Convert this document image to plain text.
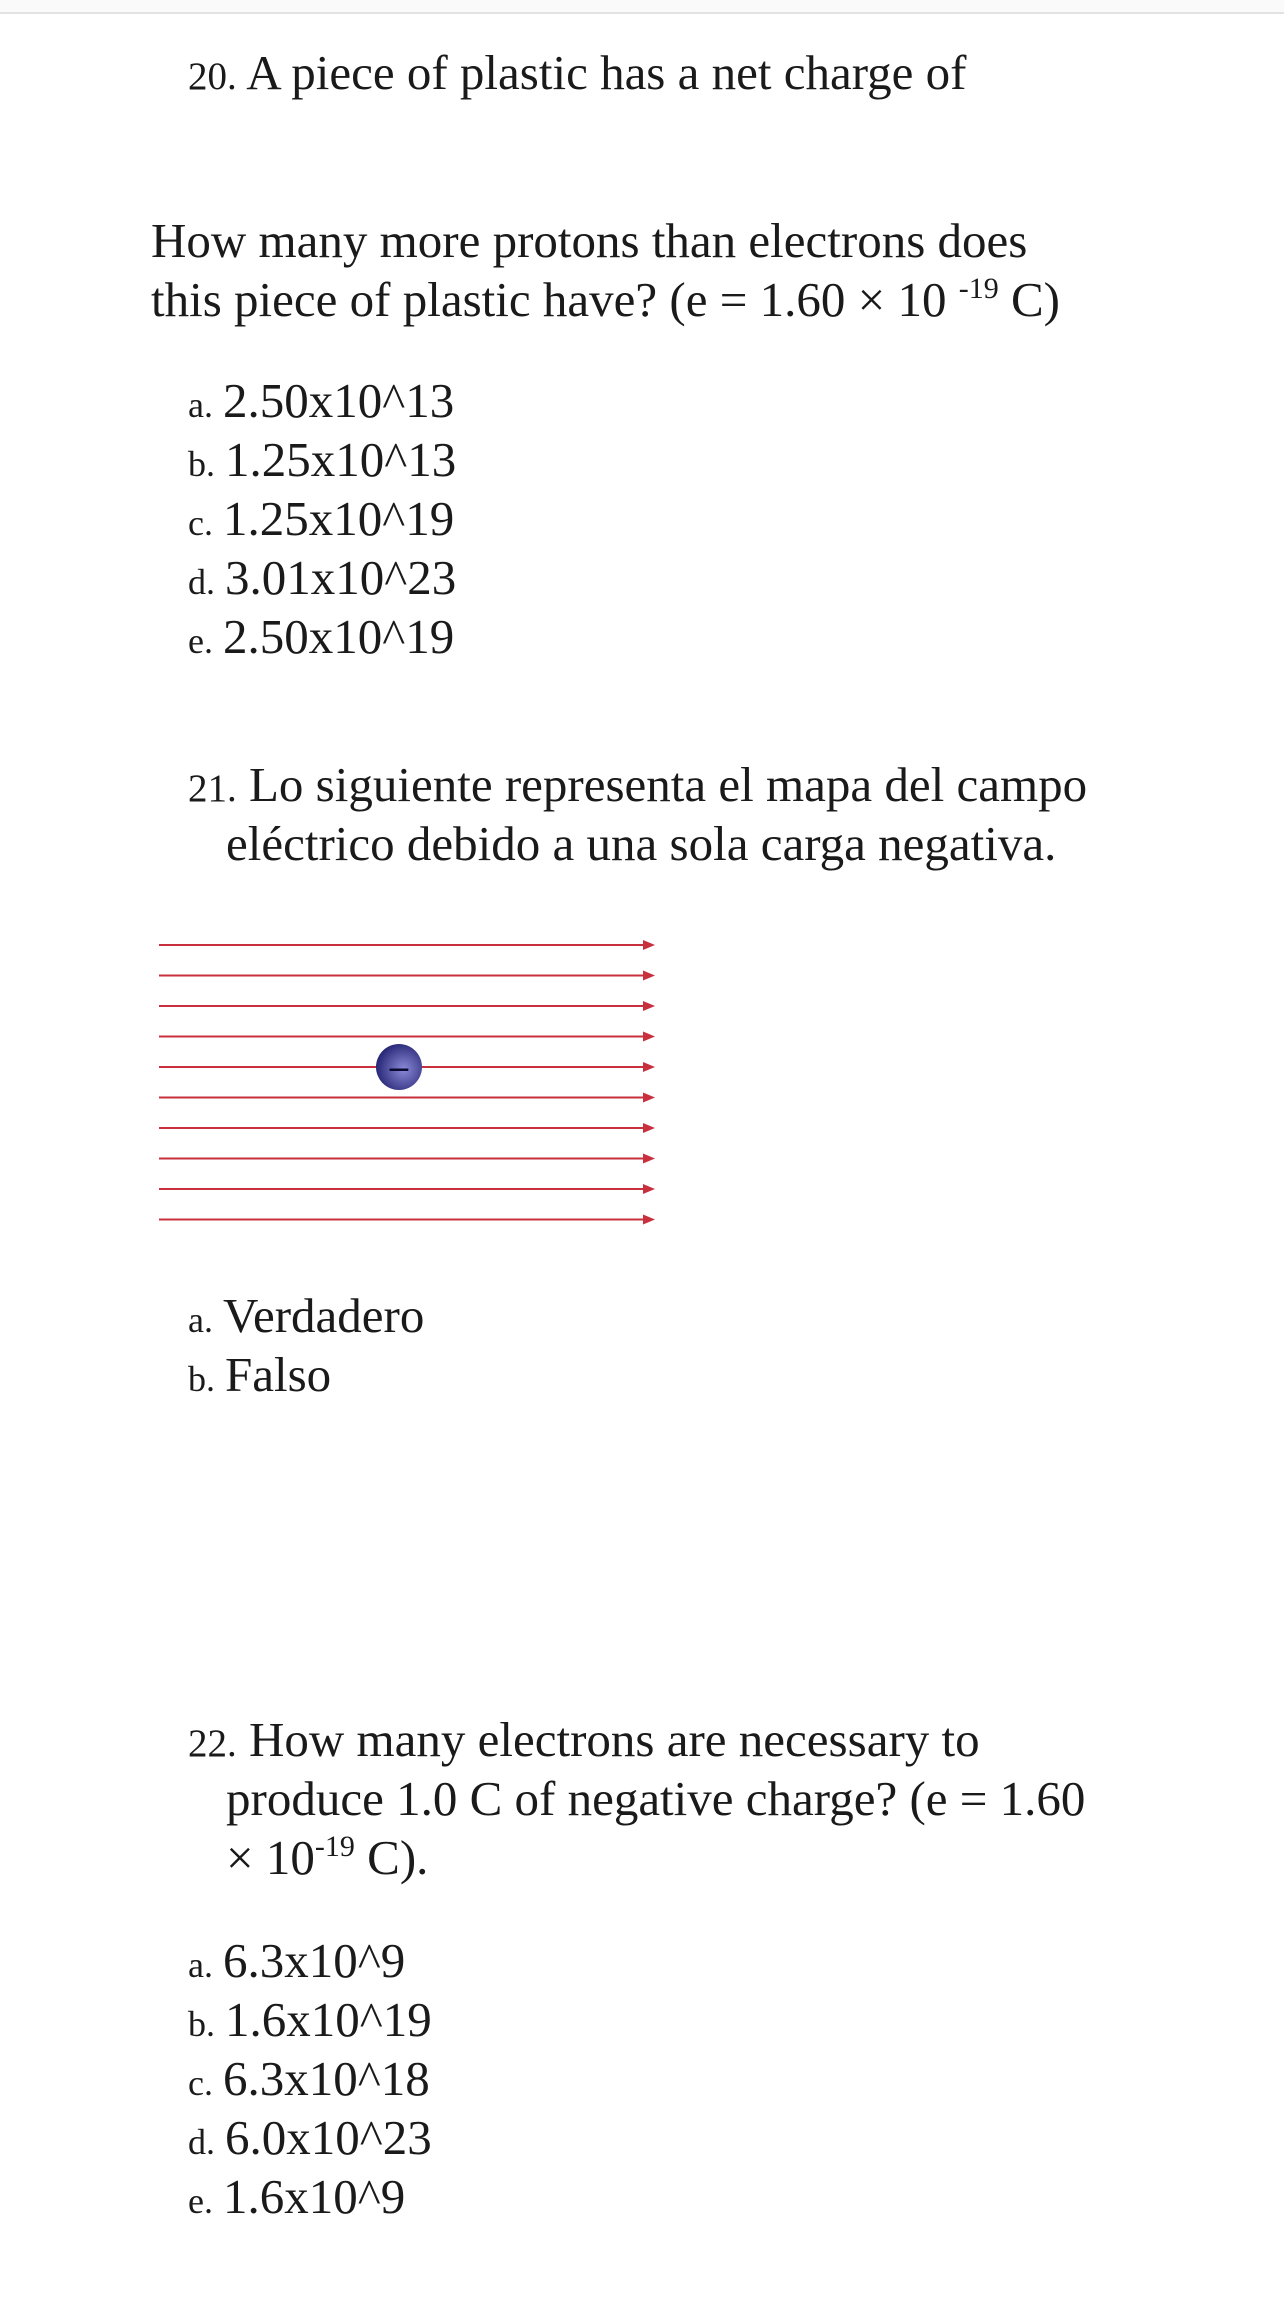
20. A piece of plastic has a net charge of

How many more protons than electrons does

this piece of plastic have? (e = 1.60 × 10 $^{-19}$ C)

a. 2.50x10^13
b. 1.25x10^13
c. 1.25x10^19
d. 3.01x10^23
e. 2.50x10^19

21. Lo siguiente representa el mapa del campo

eléctrico debido a una sola carga negativa.

−
a. Verdadero
b. Falso

22. How many electrons are necessary to

produce 1.0 C of negative charge? (e = 1.60

× $10^{-19}$ C).

a. 6.3x10^9
b. 1.6x10^19
c. 6.3x10^18
d. 6.0x10^23
e. 1.6x10^9
